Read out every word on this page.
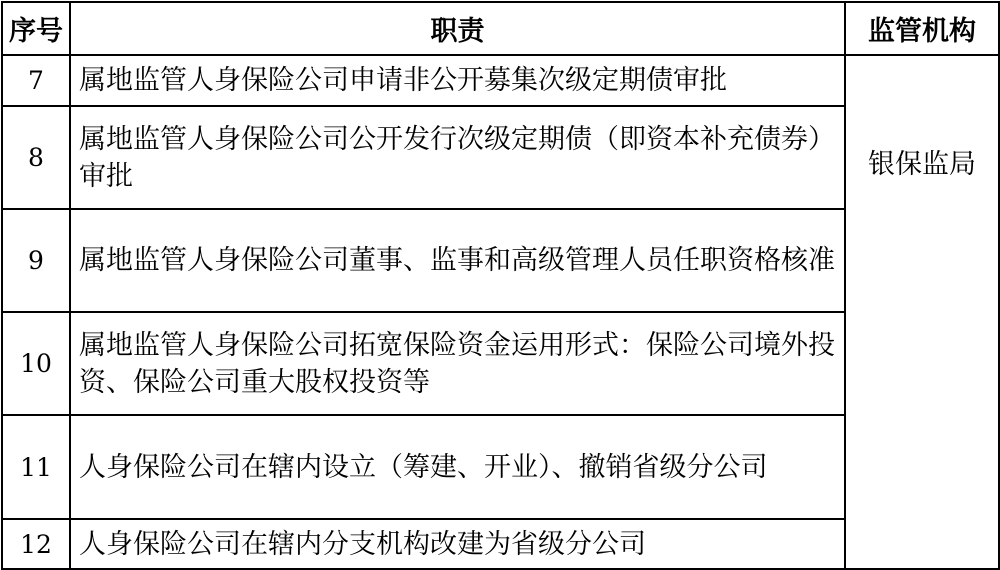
序号	职责	监管机构
7	属地监管人身保险公司申请非公开募集次级定期债审批	银保监局
8	属地监管人身保险公司公开发行次级定期债（即资本补充债券）审批	
9	属地监管人身保险公司董事、监事和高级管理人员任职资格核准	
10	属地监管人身保险公司拓宽保险资金运用形式：保险公司境外投资、保险公司重大股权投资等	
11	人身保险公司在辖内设立（筹建、开业）、撤销省级分公司	
12	人身保险公司在辖内分支机构改建为省级分公司	
